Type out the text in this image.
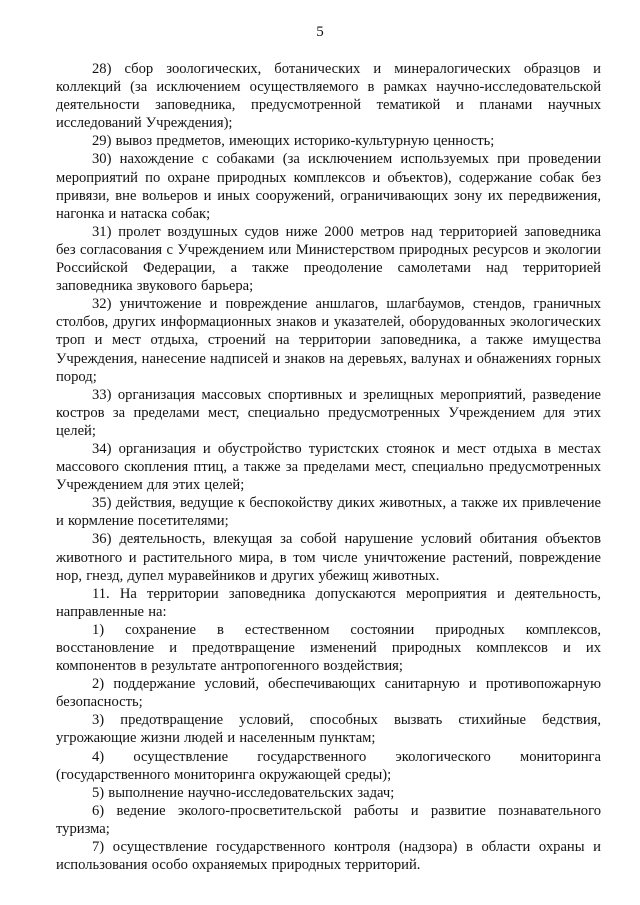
5

28) сбор зоологических, ботанических и минералогических образцов и коллекций (за исключением осуществляемого в рамках научно-исследовательской деятельности заповедника, предусмотренной тематикой и планами научных исследований Учреждения);

29) вывоз предметов, имеющих историко-культурную ценность;

30) нахождение с собаками (за исключением используемых при проведении мероприятий по охране природных комплексов и объектов), содержание собак без привязи, вне вольеров и иных сооружений, ограничивающих зону их передвижения, нагонка и натаска собак;

31) пролет воздушных судов ниже 2000 метров над территорией заповедника без согласования с Учреждением или Министерством природных ресурсов и экологии Российской Федерации, а также преодоление самолетами над территорией заповедника звукового барьера;

32) уничтожение и повреждение аншлагов, шлагбаумов, стендов, граничных столбов, других информационных знаков и указателей, оборудованных экологических троп и мест отдыха, строений на территории заповедника, а также имущества Учреждения, нанесение надписей и знаков на деревьях, валунах и обнажениях горных пород;

33) организация массовых спортивных и зрелищных мероприятий, разведение костров за пределами мест, специально предусмотренных Учреждением для этих целей;

34) организация и обустройство туристских стоянок и мест отдыха в местах массового скопления птиц, а также за пределами мест, специально предусмотренных Учреждением для этих целей;

35) действия, ведущие к беспокойству диких животных, а также их привлечение и кормление посетителями;

36) деятельность, влекущая за собой нарушение условий обитания объектов животного и растительного мира, в том числе уничтожение растений, повреждение нор, гнезд, дупел муравейников и других убежищ животных.

11. На территории заповедника допускаются мероприятия и деятельность, направленные на:

1) сохранение в естественном состоянии природных комплексов, восстановление и предотвращение изменений природных комплексов и их компонентов в результате антропогенного воздействия;

2) поддержание условий, обеспечивающих санитарную и противопожарную безопасность;

3) предотвращение условий, способных вызвать стихийные бедствия, угрожающие жизни людей и населенным пунктам;

4) осуществление государственного экологического мониторинга (государственного мониторинга окружающей среды);

5) выполнение научно-исследовательских задач;

6) ведение эколого-просветительской работы и развитие познавательного туризма;

7) осуществление государственного контроля (надзора) в области охраны и использования особо охраняемых природных территорий.
